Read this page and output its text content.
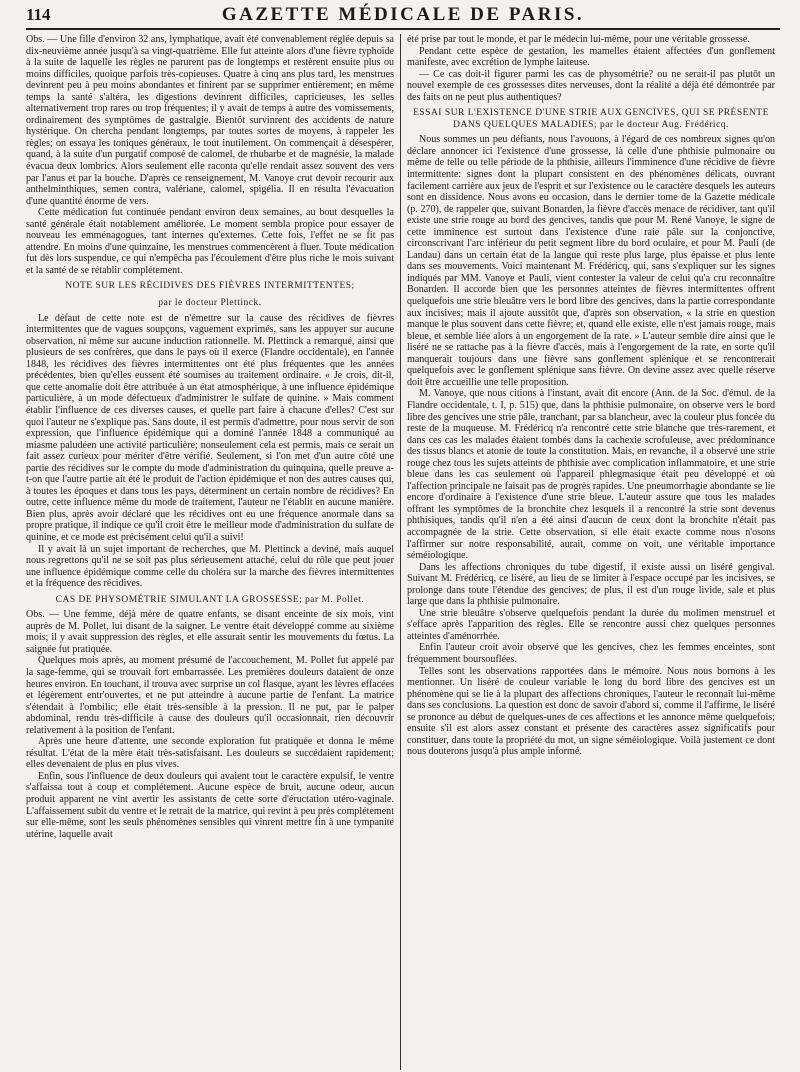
114	GAZETTE MÉDICALE DE PARIS.

Obs. — Une fille d'environ 32 ans, lymphatique, avait été convenablement réglée depuis sa dix-neuvième année jusqu'à sa vingt-quatrième. Elle fut atteinte alors d'une fièvre typhoïde à la suite de laquelle les règles ne parurent pas de longtemps et restèrent ensuite plus ou moins difficiles, quoique parfois très-copieuses. Quatre à cinq ans plus tard, les menstrues devinrent peu à peu moins abondantes et finirent par se supprimer entièrement; en même temps la santé s'altéra, les digestions devinrent difficiles, capricieuses, les selles alternativement trop rares ou trop fréquentes; il y avait de temps à autre des vomissements, ordinairement des symptômes de gastralgie. Bientôt survinrent des accidents de nature hystérique. On chercha pendant longtemps, par toutes sortes de moyens, à rappeler les règles; on essaya les toniques généraux, le tout inutilement. On commençait à désespérer, quand, à la suite d'un purgatif composé de calomel, de rhubarbe et de magnésie, la malade évacua deux lombrics. Alors seulement elle raconta qu'elle rendait assez souvent des vers par l'anus et par la bouche. D'après ce renseignement, M. Vanoye crut devoir recourir aux anthelminthiques, semen contra, valériane, calomel, spigélia. Il en résulta l'évacuation d'une quantité énorme de vers.

Cette médication fut continuée pendant environ deux semaines, au bout desquelles la santé générale était notablement améliorée. Le moment sembla propice pour essayer de nouveau les emménagogues, tant internes qu'externes. Cette fois, l'effet ne se fit pas attendre. En moins d'une quinzaine, les menstrues commencèrent à fluer. Toute médication fut dès lors suspendue, ce qui n'empêcha pas l'écoulement d'être plus riche le mois suivant et la santé de se rétablir complétement.

NOTE SUR LES RÉCIDIVES DES FIÈVRES INTERMITTENTES;

par le docteur Plettinck.

Le défaut de cette note est de n'émettre sur la cause des récidives de fièvres intermittentes que de vagues soupçons, vaguement exprimés, sans les appuyer sur aucune observation, ni même sur aucune induction rationnelle. M. Plettinck a remarqué, ainsi que plusieurs de ses confrères, que dans le pays où il exerce (Flandre occidentale), en l'année 1848, les récidives des fièvres intermittentes ont été plus fréquentes que les années précédentes, bien qu'elles eussent été soumises au traitement ordinaire. « Je crois, dit-il, que cette anomalie doit être attribuée à un état atmosphérique, à une influence épidémique particulière, à un mode défectueux d'administrer le sulfate de quinine. » Mais comment établir l'influence de ces diverses causes, et quelle part faire à chacune d'elles? C'est sur quoi l'auteur ne s'explique pas. Sans doute, il est permis d'admettre, pour nous servir de son expression, que l'influence épidémique qui a dominé l'année 1848 a communiqué au miasme paludéen une activité particulière; nonseulement cela est permis, mais ce serait un fait assez curieux pour mériter d'être vérifié. Seulement, si l'on met d'un autre côté une partie des récidives sur le compte du mode d'administration du quinquina, quelle preuve a-t-on que l'autre partie ait été le produit de l'action épidémique et non des autres causes qui, à toutes les époques et dans tous les pays, déterminent un certain nombre de récidives? En outre, cette influence même du mode de traitement, l'auteur ne l'établit en aucune manière. Bien plus, après avoir déclaré que les récidives ont eu une fréquence anormale dans sa propre pratique, il indique ce qu'il croit être le meilleur mode d'administration du sulfate de quinine, et ce mode est précisément celui qu'il a suivi!

Il y avait là un sujet important de recherches, que M. Plettinck a deviné, mais auquel nous regrettons qu'il ne se soit pas plus sérieusement attaché, celui du rôle que peut jouer une influence épidémique comme celle du choléra sur la marche des fièvres intermittentes et la fréquence des récidives.

CAS DE PHYSOMÉTRIE SIMULANT LA GROSSESSE; par M. Pollet.

Obs. — Une femme, déjà mère de quatre enfants, se disant enceinte de six mois, vint auprès de M. Pollet, lui disant de la saigner. Le ventre était développé comme au sixième mois; il y avait suppression des règles, et elle assurait sentir les mouvements du fœtus. La saignée fut pratiquée.

Quelques mois après, au moment présumé de l'accouchement, M. Pollet fut appelé par la sage-femme, qui se trouvait fort embarrassée. Les premières douleurs dataient de onze heures environ. En touchant, il trouva avec surprise un col flasque, ayant les lèvres effacées et légèrement entr'ouvertes, et ne put atteindre à aucune partie de l'enfant. La matrice s'étendait à l'ombilic; elle était très-sensible à la pression. Il ne put, par le palper abdominal, rendu très-difficile à cause des douleurs qu'il occasionnait, rien découvrir relativement à la position de l'enfant.

Après une heure d'attente, une seconde exploration fut pratiquée et donna le même résultat. L'état de la mère était très-satisfaisant. Les douleurs se succédaient rapidement; elles devenaient de plus en plus vives.

Enfin, sous l'influence de deux douleurs qui avaient tout le caractère expulsif, le ventre s'affaissa tout à coup et complétement. Aucune espèce de bruit, aucune odeur, aucun produit apparent ne vint avertir les assistants de cette sorte d'éructation utéro-vaginale. L'affaissement subit du ventre et le retrait de la matrice, qui revint à peu près complétement sur elle-même, sont les seuls phénomènes sensibles qui vinrent mettre fin à une tympanite utérine, laquelle avait

été prise par tout le monde, et par le médecin lui-même, pour une véritable grossesse.

Pendant cette espèce de gestation, les mamelles étaient affectées d'un gonflement manifeste, avec excrétion de lymphe laiteuse.

— Ce cas doit-il figurer parmi les cas de physométrie? ou ne serait-il pas plutôt un nouvel exemple de ces grossesses dites nerveuses, dont la réalité a déjà été démontrée par des faits on ne peut plus authentiques?

ESSAI SUR L'EXISTENCE D'UNE STRIE AUX GENCIVES, QUI SE PRÉSENTE DANS QUELQUES MALADIES; par le docteur Aug. Frédéricq.

Nous sommes un peu défiants, nous l'avouons, à l'égard de ces nombreux signes qu'on déclare annoncer ici l'existence d'une grossesse, là celle d'une phthisie pulmonaire ou même de telle ou telle période de la phthisie, ailleurs l'imminence d'une récidive de fièvre intermittente: signes dont la plupart consistent en des phénomènes délicats, ouvrant facilement carrière aux jeux de l'esprit et sur l'existence ou le caractère desquels les auteurs sont en dissidence. Nous avons eu occasion, dans le dernier tome de la Gazette médicale (p. 270), de rappeler que, suivant Bonarden, la fièvre d'accès menace de récidiver, tant qu'il existe une strie rouge au bord des gencives, tandis que pour M. René Vanoye, le signe de cette imminence est surtout dans l'existence d'une raie pâle sur la conjonctive, circonscrivant l'arc inférieur du petit segment libre du bord oculaire, et pour M. Pauli (de Landau) dans un certain état de la langue qui reste plus large, plus épaisse et plus lente dans ses mouvements. Voici maintenant M. Frédéricq, qui, sans s'expliquer sur les signes indiqués par MM. Vanoye et Pauli, vient contester la valeur de celui qu'a cru reconnaître Bonarden. Il accorde bien que les personnes atteintes de fièvres intermittentes offrent quelquefois une strie bleuâtre vers le bord libre des gencives, dans la partie correspondante aux incisives; mais il ajoute aussitôt que, d'après son observation, « la strie en question manque le plus souvent dans cette fièvre; et, quand elle existe, elle n'est jamais rouge, mais bleue, et semble liée alors à un engorgement de la rate. » L'auteur semble dire ainsi que le liséré ne se rattache pas à la fièvre d'accès, mais à l'engorgement de la rate, en sorte qu'il manquerait toujours dans une fièvre sans gonflement splénique et se rencontrerait quelquefois avec le gonflement splénique sans fièvre. On devine assez avec quelle réserve doit être accueillie une telle proposition.

M. Vanoye, que nous citions à l'instant, avait dit encore (Ann. de la Soc. d'émul. de la Flandre occidentale, t. I, p. 515) que, dans la phthisie pulmonaire, on observe vers le bord libre des gencives une strie pâle, tranchant, par sa blancheur, avec la couleur plus foncée du reste de la muqueuse. M. Frédéricq n'a rencontré cette strie blanche que très-rarement, et dans ces cas les malades étaient tombés dans la cachexie scrofuleuse, avec prédominance des tissus blancs et atonie de toute la constitution. Mais, en revanche, il a observé une strie rouge chez tous les sujets atteints de phthisie avec complication inflammatoire, et une strie bleue dans les cas seulement où l'appareil phlegmasique était peu développé et où l'affection principale ne faisait pas de progrès rapides. Une pneumorrhagie abondante se lie encore d'ordinaire à l'existence d'une strie bleue. L'auteur assure que tous les malades offrant les symptômes de la bronchite chez lesquels il a rencontré la strie sont devenus phthisiques, tandis qu'il n'en a été ainsi d'aucun de ceux dont la bronchite n'était pas accompagnée de la strie. Cette observation, si elle était exacte comme nous n'osons l'affirmer sur notre responsabilité, aurait, comme on voit, une véritable importance séméiologique.

Dans les affections chroniques du tube digestif, il existe aussi un liséré gengival. Suivant M. Frédéricq, ce liséré, au lieu de se limiter à l'espace occupé par les incisives, se prolonge dans toute l'étendue des gencives; de plus, il est d'un rouge livide, sale et plus large que dans la phthisie pulmonaire.

Une strie bleuâtre s'observe quelquefois pendant la durée du molimen menstruel et s'efface après l'apparition des règles. Elle se rencontre aussi chez quelques personnes atteintes d'aménorrhée.

Enfin l'auteur croit avoir observé que les gencives, chez les femmes enceintes, sont fréquemment boursouflées.

Telles sont les observations rapportées dans le mémoire. Nous nous bornons à les mentionner. Un liséré de couleur variable le long du bord libre des gencives est un phénomène qui se lie à la plupart des affections chroniques, l'auteur le reconnaît lui-même dans ses conclusions. La question est donc de savoir d'abord si, comme il l'affirme, le liséré se prononce au début de quelques-unes de ces affections et les annonce même quelquefois; ensuite s'il est alors assez constant et présente des caractères assez significatifs pour constituer, dans toute la propriété du mot, un signe séméiologique. Voilà justement ce dont nous douterons jusqu'à plus ample informé.
